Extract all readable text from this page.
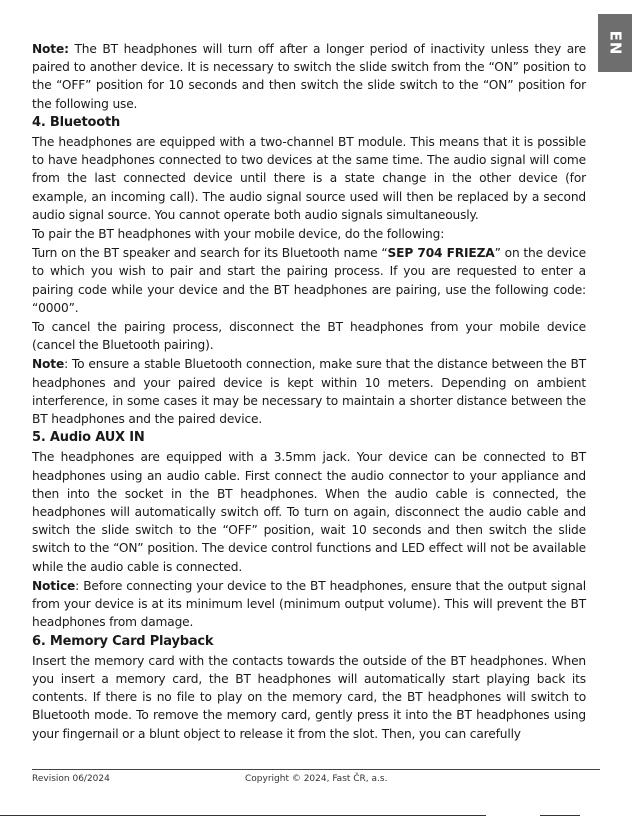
EN

Note: The BT headphones will turn off after a longer period of inactivity unless they are paired to another device. It is necessary to switch the slide switch from the “ON” position to the “OFF” position for 10 seconds and then switch the slide switch to the “ON” position for the following use.

4. Bluetooth

The headphones are equipped with a two-channel BT module. This means that it is possible to have headphones connected to two devices at the same time. The audio signal will come from the last connected device until there is a state change in the other device (for example, an incoming call). The audio signal source used will then be replaced by a second audio signal source. You cannot operate both audio signals simultaneously.

To pair the BT headphones with your mobile device, do the following:

Turn on the BT speaker and search for its Bluetooth name “SEP 704 FRIEZA” on the device to which you wish to pair and start the pairing process. If you are requested to enter a pairing code while your device and the BT headphones are pairing, use the following code: “0000”.

To cancel the pairing process, disconnect the BT headphones from your mobile device (cancel the Bluetooth pairing).

Note: To ensure a stable Bluetooth connection, make sure that the distance between the BT headphones and your paired device is kept within 10 meters. Depending on ambient interference, in some cases it may be necessary to maintain a shorter distance between the BT headphones and the paired device.

5. Audio AUX IN

The headphones are equipped with a 3.5mm jack. Your device can be connected to BT headphones using an audio cable. First connect the audio connector to your appliance and then into the socket in the BT headphones. When the audio cable is connected, the headphones will automatically switch off. To turn on again, disconnect the audio cable and switch the slide switch to the “OFF” position, wait 10 seconds and then switch the slide switch to the “ON” position. The device control functions and LED effect will not be available while the audio cable is connected.

Notice: Before connecting your device to the BT headphones, ensure that the output signal from your device is at its minimum level (minimum output volume). This will prevent the BT headphones from damage.

6. Memory Card Playback

Insert the memory card with the contacts towards the outside of the BT headphones. When you insert a memory card, the BT headphones will automatically start playing back its contents. If there is no file to play on the memory card, the BT headphones will switch to Bluetooth mode. To remove the memory card, gently press it into the BT headphones using your fingernail or a blunt object to release it from the slot. Then, you can carefully

Revision 06/2024	Copyright © 2024, Fast ČR, a.s.
